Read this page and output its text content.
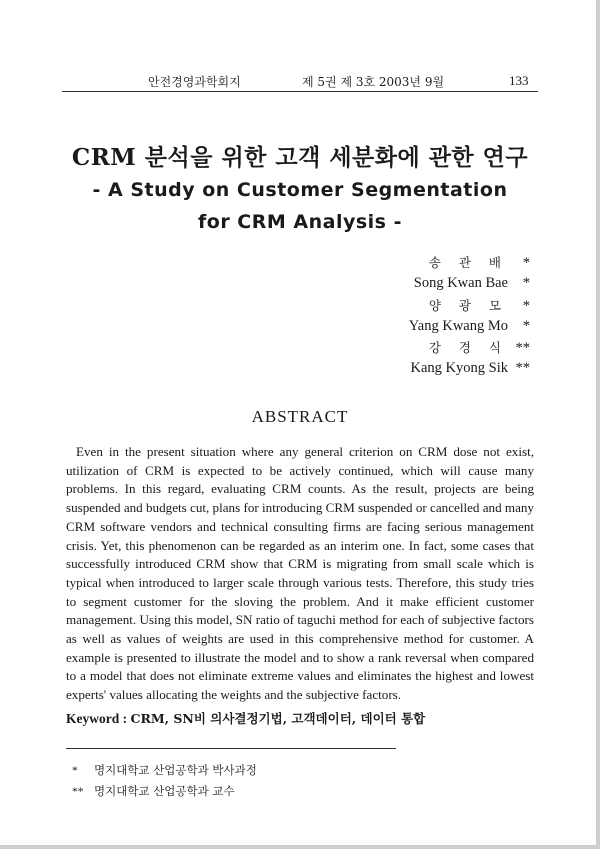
안전경영과학회지	제 5권 제 3호 2003년 9월	133
CRM 분석을 위한 고객 세분화에 관한 연구
- A Study on Customer Segmentation
for CRM Analysis -
송 관 배 *
Song Kwan Bae *
양 광 모 *
Yang Kwang Mo *
강 경 식 **
Kang Kyong Sik **
ABSTRACT

Even in the present situation where any general criterion on CRM dose not exist, utilization of CRM is expected to be actively continued, which will cause many problems. In this regard, evaluating CRM counts. As the result, projects are being suspended and budgets cut, plans for introducing CRM suspended or cancelled and many CRM software vendors and technical consulting firms are facing serious management crisis. Yet, this phenomenon can be regarded as an interim one. In fact, some cases that successfully introduced CRM show that CRM is migrating from small scale which is typical when introduced to larger scale through various tests. Therefore, this study tries to segment customer for the sloving the problem. And it make efficient customer management. Using this model, SN ratio of taguchi method for each of subjective factors as well as values of weights are used in this comprehensive method for customer. A example is presented to illustrate the model and to show a rank reversal when compared to a model that does not eliminate extreme values and eliminates the highest and lowest experts' values allocating the weights and the subjective factors.

Keyword : CRM, SN비 의사결정기법, 고객데이터, 데이터 통합
* 명지대학교 산업공학과 박사과정
** 명지대학교 산업공학과 교수
